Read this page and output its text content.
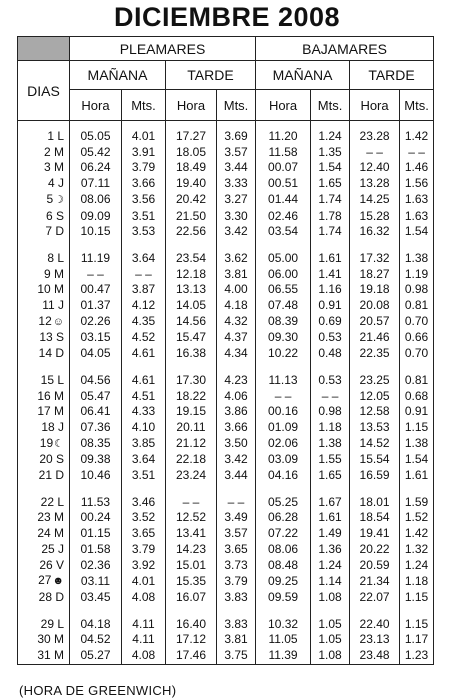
DICIEMBRE 2008
	PLEAMARES				BAJAMARES			
DIAS	MAÑANA		TARDE		MAÑANA		TARDE	
	Hora	Mts.	Hora	Mts.	Hora	Mts.	Hora	Mts.

1 L	05.05	4.01	17.27	3.69	11.20	1.24	23.28	1.42
2 M	05.42	3.91	18.05	3.57	11.58	1.35	– –	– –
3 M	06.24	3.79	18.49	3.44	00.07	1.54	12.40	1.46
4 J	07.11	3.66	19.40	3.33	00.51	1.65	13.28	1.56
5☽	08.06	3.56	20.42	3.27	01.44	1.74	14.25	1.63
6 S	09.09	3.51	21.50	3.30	02.46	1.78	15.28	1.63
7 D	10.15	3.53	22.56	3.42	03.54	1.74	16.32	1.54

8 L	11.19	3.64	23.54	3.62	05.00	1.61	17.32	1.38
9 M	– –	– –	12.18	3.81	06.00	1.41	18.27	1.19
10 M	00.47	3.87	13.13	4.00	06.55	1.16	19.18	0.98
11 J	01.37	4.12	14.05	4.18	07.48	0.91	20.08	0.81
12☺	02.26	4.35	14.56	4.32	08.39	0.69	20.57	0.70
13 S	03.15	4.52	15.47	4.37	09.30	0.53	21.46	0.66
14 D	04.05	4.61	16.38	4.34	10.22	0.48	22.35	0.70

15 L	04.56	4.61	17.30	4.23	11.13	0.53	23.25	0.81
16 M	05.47	4.51	18.22	4.06	– –	– –	12.05	0.68
17 M	06.41	4.33	19.15	3.86	00.16	0.98	12.58	0.91
18 J	07.36	4.10	20.11	3.66	01.09	1.18	13.53	1.15
19☾	08.35	3.85	21.12	3.50	02.06	1.38	14.52	1.38
20 S	09.38	3.64	22.18	3.42	03.09	1.55	15.54	1.54
21 D	10.46	3.51	23.24	3.44	04.16	1.65	16.59	1.61

22 L	11.53	3.46	– –	– –	05.25	1.67	18.01	1.59
23 M	00.24	3.52	12.52	3.49	06.28	1.61	18.54	1.52
24 M	01.15	3.65	13.41	3.57	07.22	1.49	19.41	1.42
25 J	01.58	3.79	14.23	3.65	08.06	1.36	20.22	1.32
26 V	02.36	3.92	15.01	3.73	08.48	1.24	20.59	1.24
27☻	03.11	4.01	15.35	3.79	09.25	1.14	21.34	1.18
28 D	03.45	4.08	16.07	3.83	09.59	1.08	22.07	1.15

29 L	04.18	4.11	16.40	3.83	10.32	1.05	22.40	1.15
30 M	04.52	4.11	17.12	3.81	11.05	1.05	23.13	1.17
31 M	05.27	4.08	17.46	3.75	11.39	1.08	23.48	1.23
(HORA DE GREENWICH)
